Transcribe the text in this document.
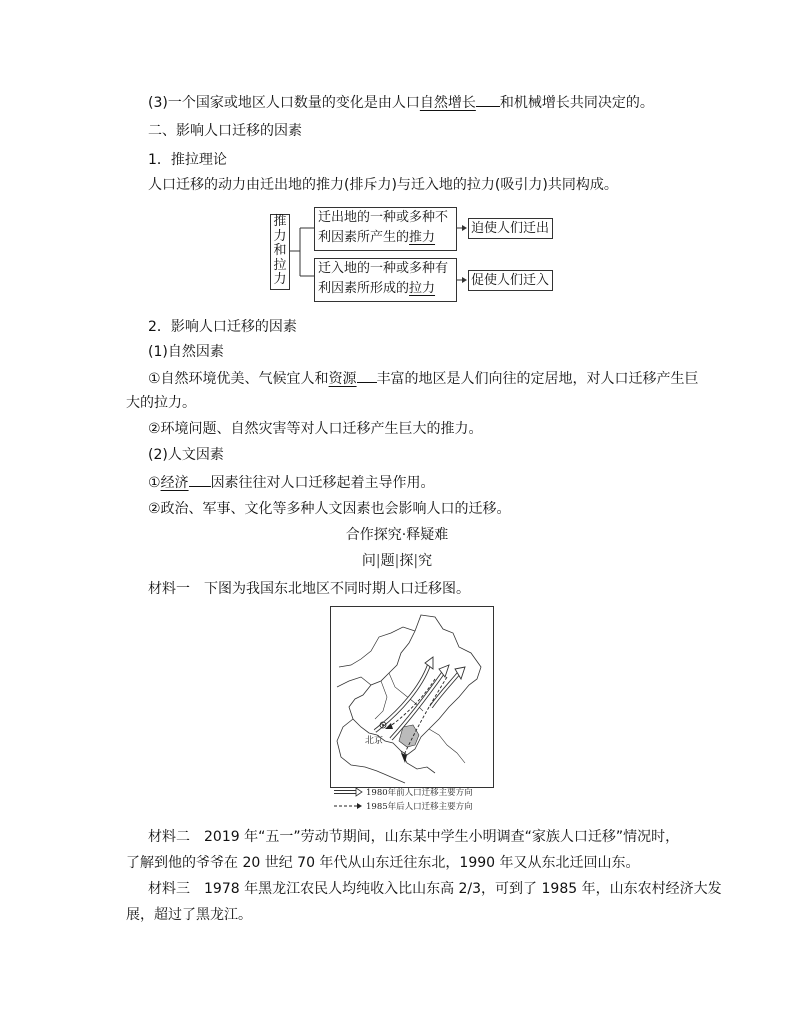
(3)一个国家或地区人口数量的变化是由人口自然增长 和机械增长共同决定的。
二、影响人口迁移的因素
1．推拉理论
人口迁移的动力由迁出地的推力(排斥力)与迁入地的拉力(吸引力)共同构成。
推
力
和
拉
力
迁出地的一种或多种不
利因素所产生的推力
迫使人们迁出
迁入地的一种或多种有
利因素所形成的拉力
促使人们迁入
2．影响人口迁移的因素
(1)自然因素
①自然环境优美、气候宜人和资源 丰富的地区是人们向往的定居地，对人口迁移产生巨
大的拉力。
②环境问题、自然灾害等对人口迁移产生巨大的推力。
(2)人文因素
①经济 因素往往对人口迁移起着主导作用。
②政治、军事、文化等多种人文因素也会影响人口的迁移。
合作探究·释疑难
问|题|探|究
材料一　下图为我国东北地区不同时期人口迁移图。
北京
1980年前人口迁移主要方向
1985年后人口迁移主要方向
材料二　2019 年“五一”劳动节期间，山东某中学生小明调查“家族人口迁移”情况时，
了解到他的爷爷在 20 世纪 70 年代从山东迁往东北，1990 年又从东北迁回山东。
材料三　1978 年黑龙江农民人均纯收入比山东高 2/3，可到了 1985 年，山东农村经济大发
展，超过了黑龙江。
